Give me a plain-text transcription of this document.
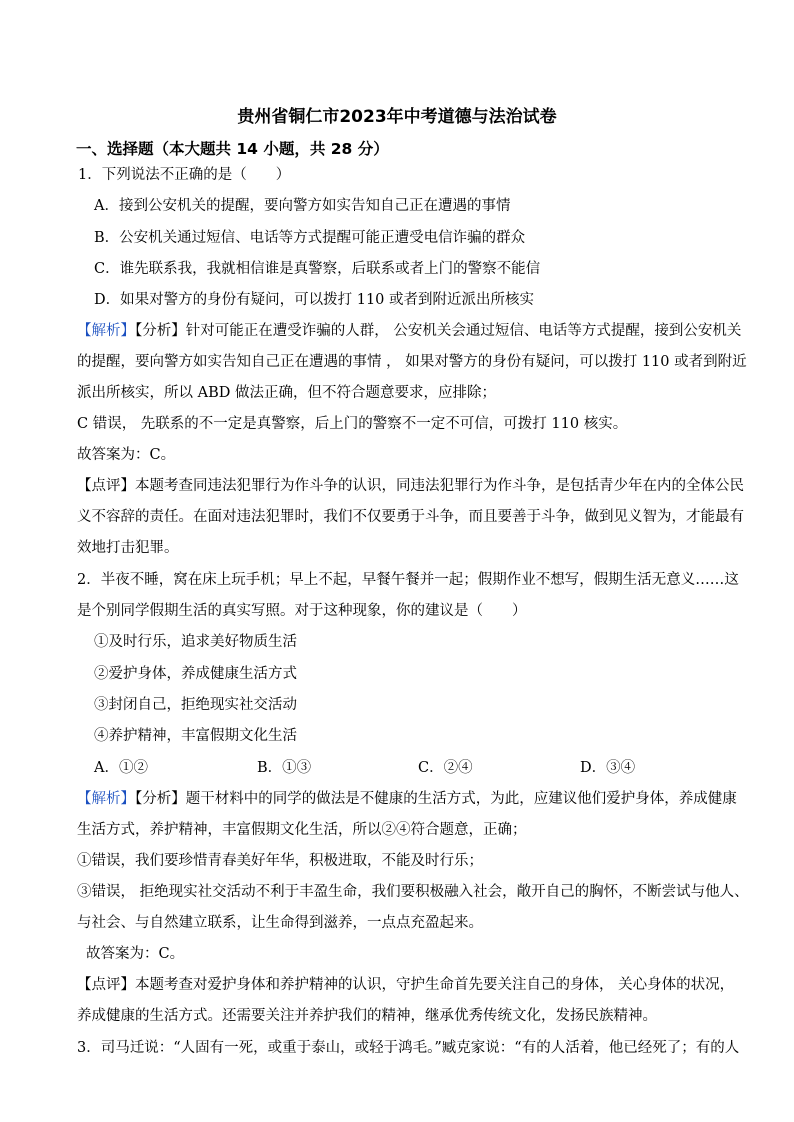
贵州省铜仁市2023年中考道德与法治试卷
一、选择题（本大题共 14 小题，共 28 分）
1．下列说法不正确的是（　　）
A．接到公安机关的提醒，要向警方如实告知自己正在遭遇的事情
B．公安机关通过短信、电话等方式提醒可能正遭受电信诈骗的群众
C．谁先联系我，我就相信谁是真警察，后联系或者上门的警察不能信
D．如果对警方的身份有疑问，可以拨打 110 或者到附近派出所核实
【解析】【分析】针对可能正在遭受诈骗的人群， 公安机关会通过短信、电话等方式提醒，接到公安机关
的提醒，要向警方如实告知自己正在遭遇的事情 ， 如果对警方的身份有疑问，可以拨打 110 或者到附近
派出所核实，所以 ABD 做法正确，但不符合题意要求，应排除；
C 错误， 先联系的不一定是真警察，后上门的警察不一定不可信，可拨打 110 核实。
故答案为：C。
【点评】本题考查同违法犯罪行为作斗争的认识，同违法犯罪行为作斗争，是包括青少年在内的全体公民
义不容辞的责任。在面对违法犯罪时，我们不仅要勇于斗争，而且要善于斗争，做到见义智为，才能最有
效地打击犯罪。
2．半夜不睡，窝在床上玩手机；早上不起，早餐午餐并一起；假期作业不想写，假期生活无意义……这
是个别同学假期生活的真实写照。对于这种现象，你的建议是（　　）
①及时行乐，追求美好物质生活
②爱护身体，养成健康生活方式
③封闭自己，拒绝现实社交活动
④养护精神，丰富假期文化生活
A．①②	B．①③	C．②④	D．③④
【解析】【分析】题干材料中的同学的做法是不健康的生活方式，为此，应建议他们爱护身体，养成健康
生活方式，养护精神，丰富假期文化生活，所以②④符合题意，正确；
①错误，我们要珍惜青春美好年华，积极进取，不能及时行乐；
③错误， 拒绝现实社交活动不利于丰盈生命，我们要积极融入社会，敞开自己的胸怀，不断尝试与他人、
与社会、与自然建立联系，让生命得到滋养，一点点充盈起来。
故答案为：C。
【点评】本题考查对爱护身体和养护精神的认识，守护生命首先要关注自己的身体， 关心身体的状况，
养成健康的生活方式。还需要关注并养护我们的精神，继承优秀传统文化，发扬民族精神。
3．司马迁说：“人固有一死，或重于泰山，或轻于鸿毛。”臧克家说：“有的人活着，他已经死了；有的人
